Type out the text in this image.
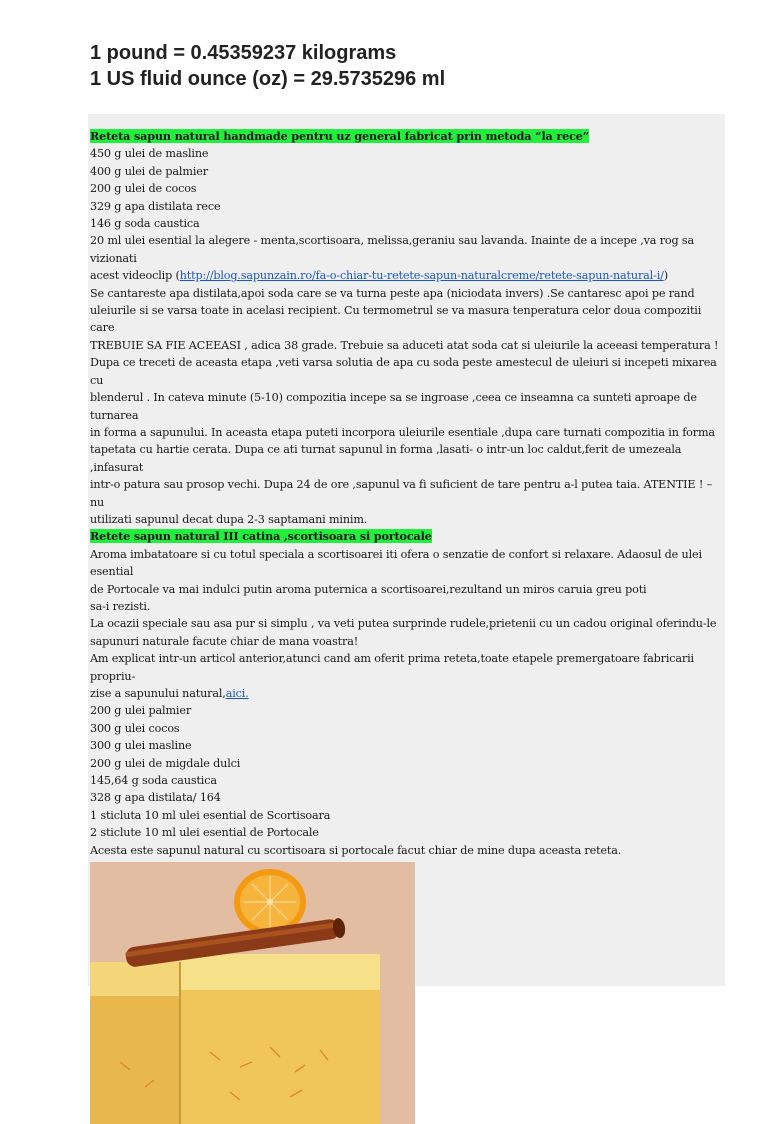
1 pound = 0.45359237 kilograms
1 US fluid ounce (oz) = 29.5735296 ml

Reteta sapun natural handmade pentru uz general fabricat prin metoda “la rece”

450 g ulei de masline

400 g ulei de palmier

200 g ulei de cocos

329 g apa distilata rece

146 g soda caustica

20 ml ulei esential la alegere - menta,scortisoara, melissa,geraniu sau lavanda. Inainte de a incepe ,va rog sa vizionati

acest videoclip (http://blog.sapunzain.ro/fa-o-chiar-tu-retete-sapun-naturalcreme/retete-sapun-natural-i/)

Se cantareste apa distilata,apoi soda care se va turna peste apa (niciodata invers) .Se cantaresc apoi pe rand

uleiurile si se varsa toate in acelasi recipient. Cu termometrul se va masura tenperatura celor doua compozitii care

TREBUIE SA FIE ACEEASI , adica 38 grade. Trebuie sa aduceti atat soda cat si uleiurile la aceeasi temperatura !

Dupa ce treceti de aceasta etapa ,veti varsa solutia de apa cu soda peste amestecul de uleiuri si incepeti mixarea cu

blenderul . In cateva minute (5-10) compozitia incepe sa se ingroase ,ceea ce inseamna ca sunteti aproape de turnarea

in forma a sapunului. In aceasta etapa puteti incorpora uleiurile esentiale ,dupa care turnati compozitia in forma

tapetata cu hartie cerata. Dupa ce ati turnat sapunul in forma ,lasati- o intr-un loc caldut,ferit de umezeala ,infasurat

intr-o patura sau prosop vechi. Dupa 24 de ore ,sapunul va fi suficient de tare pentru a-l putea taia. ATENTIE ! – nu

utilizati sapunul decat dupa 2-3 saptamani minim.

Retete sapun natural III catina ,scortisoara si portocale

Aroma imbatatoare si cu totul speciala a scortisoarei iti ofera o senzatie de confort si relaxare. Adaosul de ulei esential

de Portocale va mai indulci putin aroma puternica a scortisoarei,rezultand un miros caruia greu poti

sa-i rezisti.

La ocazii speciale sau asa pur si simplu , va veti putea surprinde rudele,prietenii cu un cadou original oferindu-le

sapunuri naturale facute chiar de mana voastra!

Am explicat intr-un articol anterior,atunci cand am oferit prima reteta,toate etapele premergatoare fabricarii propriu-

zise a sapunului natural,aici.

200 g ulei palmier

300 g ulei cocos

300 g ulei masline

200 g ulei de migdale dulci

145,64 g soda caustica

328 g apa distilata/ 164

1 sticluta 10 ml ulei esential de Scortisoara

2 sticlute 10 ml ulei esential de Portocale

Acesta este sapunul natural cu scortisoara si portocale facut chiar de mine dupa aceasta reteta.
